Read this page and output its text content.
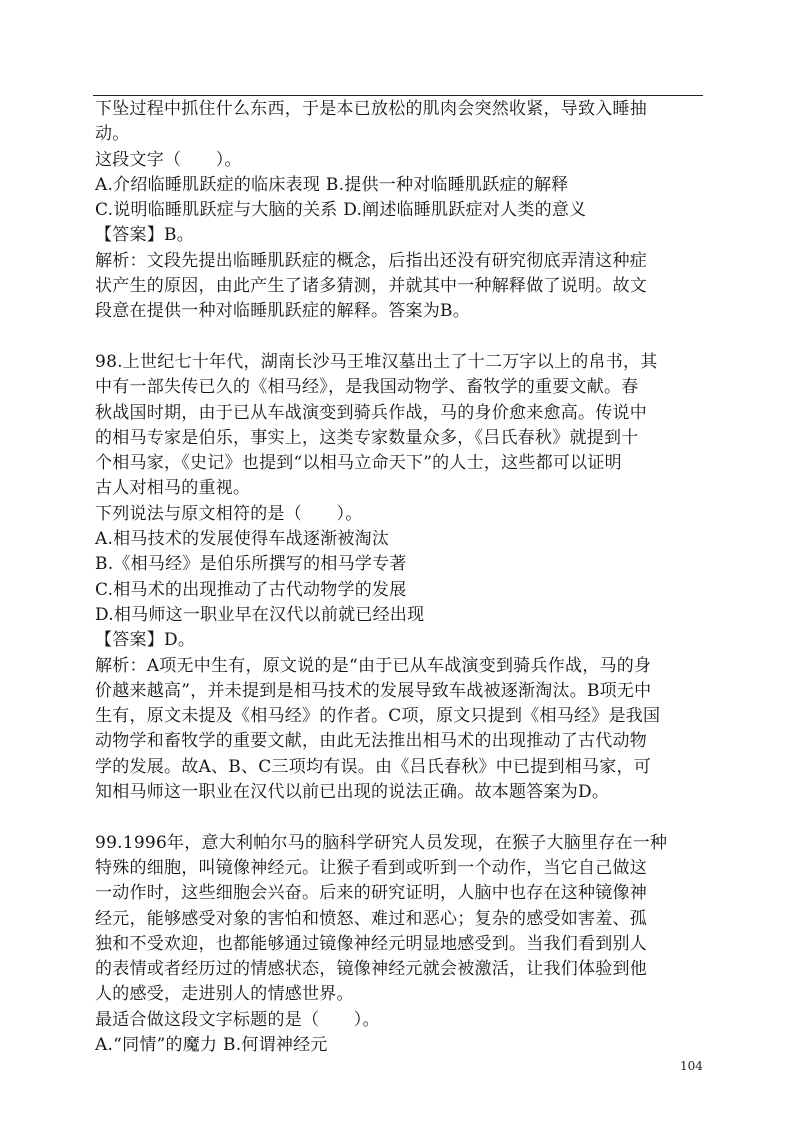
下坠过程中抓住什么东西，于是本已放松的肌肉会突然收紧，导致入睡抽
动。
这段文字（　　）。
A.介绍临睡肌跃症的临床表现 B.提供一种对临睡肌跃症的解释
C.说明临睡肌跃症与大脑的关系 D.阐述临睡肌跃症对人类的意义
【答案】B。
解析：文段先提出临睡肌跃症的概念，后指出还没有研究彻底弄清这种症
状产生的原因，由此产生了诸多猜测，并就其中一种解释做了说明。故文
段意在提供一种对临睡肌跃症的解释。答案为B。
98.上世纪七十年代，湖南长沙马王堆汉墓出土了十二万字以上的帛书，其
中有一部失传已久的《相马经》，是我国动物学、畜牧学的重要文献。春
秋战国时期，由于已从车战演变到骑兵作战，马的身价愈来愈高。传说中
的相马专家是伯乐，事实上，这类专家数量众多，《吕氏春秋》就提到十
个相马家，《史记》也提到“以相马立命天下”的人士，这些都可以证明
古人对相马的重视。
下列说法与原文相符的是（　　）。
A.相马技术的发展使得车战逐渐被淘汰
B.《相马经》是伯乐所撰写的相马学专著
C.相马术的出现推动了古代动物学的发展
D.相马师这一职业早在汉代以前就已经出现
【答案】D。
解析：A项无中生有，原文说的是“由于已从车战演变到骑兵作战，马的身
价越来越高”，并未提到是相马技术的发展导致车战被逐渐淘汰。B项无中
生有，原文未提及《相马经》的作者。C项，原文只提到《相马经》是我国
动物学和畜牧学的重要文献，由此无法推出相马术的出现推动了古代动物
学的发展。故A、B、C三项均有误。由《吕氏春秋》中已提到相马家，可
知相马师这一职业在汉代以前已出现的说法正确。故本题答案为D。
99.1996年，意大利帕尔马的脑科学研究人员发现，在猴子大脑里存在一种
特殊的细胞，叫镜像神经元。让猴子看到或听到一个动作，当它自己做这
一动作时，这些细胞会兴奋。后来的研究证明，人脑中也存在这种镜像神
经元，能够感受对象的害怕和愤怒、难过和恶心；复杂的感受如害羞、孤
独和不受欢迎，也都能够通过镜像神经元明显地感受到。当我们看到别人
的表情或者经历过的情感状态，镜像神经元就会被激活，让我们体验到他
人的感受，走进别人的情感世界。
最适合做这段文字标题的是（　　）。
A.“同情”的魔力 B.何谓神经元
104
